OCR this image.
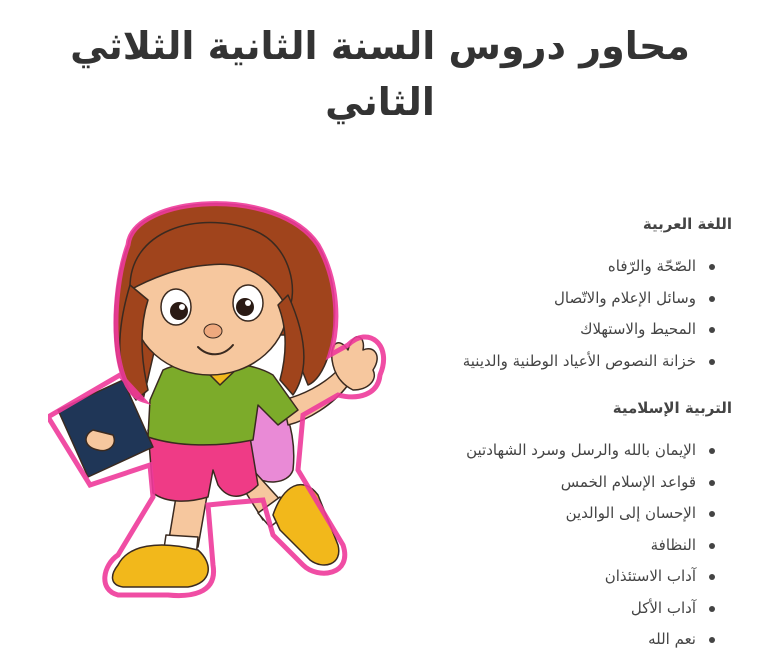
محاور دروس السنة الثانية الثلاثي الثاني
اللغة العربية
الصّحّة والرّفاه
وسائل الإعلام والاتّصال
المحيط والاستهلاك
خزانة النصوص الأعياد الوطنية والدينية
التربية الإسلامية
الإيمان بالله والرسل وسرد الشهادتين
قواعد الإسلام الخمس
الإحسان إلى الوالدين
النظافة
آداب الاستئذان
آداب الأكل
نعم الله
